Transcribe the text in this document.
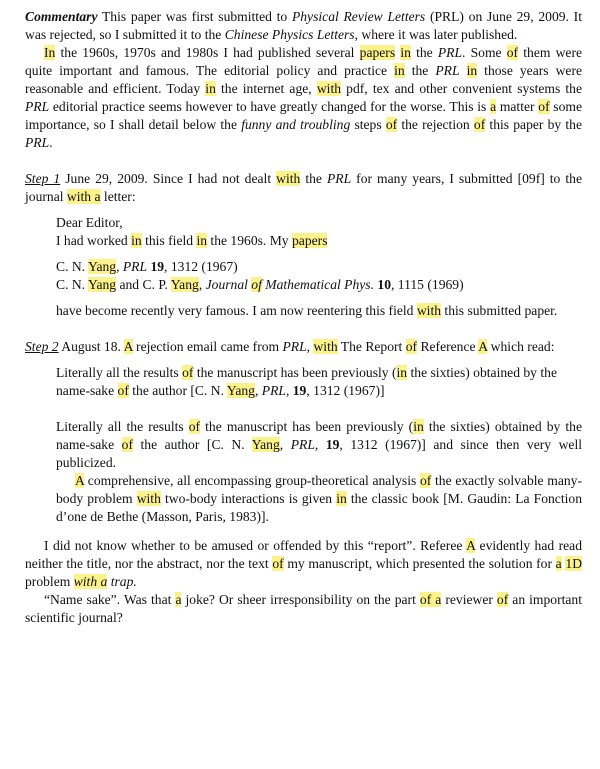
Commentary This paper was first submitted to Physical Review Letters (PRL) on June 29, 2009. It was rejected, so I submitted it to the Chinese Physics Letters, where it was later published.

In the 1960s, 1970s and 1980s I had published several papers in the PRL. Some of them were quite important and famous. The editorial policy and practice in the PRL in those years were reasonable and efficient. Today in the internet age, with pdf, tex and other convenient systems the PRL editorial practice seems however to have greatly changed for the worse. This is a matter of some importance, so I shall detail below the funny and troubling steps of the rejection of this paper by the PRL.

Step 1 June 29, 2009. Since I had not dealt with the PRL for many years, I submitted [09f] to the journal with a letter:

Dear Editor,

I had worked in this field in the 1960s. My papers

C. N. Yang, PRL 19, 1312 (1967)

C. N. Yang and C. P. Yang, Journal of Mathematical Phys. 10, 1115 (1969)

have become recently very famous. I am now reentering this field with this submitted paper.

Step 2 August 18. A rejection email came from PRL, with The Report of Reference A which read:

Literally all the results of the manuscript has been previously (in the sixties) obtained by the name-sake of the author [C. N. Yang, PRL, 19, 1312 (1967)]

Literally all the results of the manuscript has been previously (in the sixties) obtained by the name-sake of the author [C. N. Yang, PRL, 19, 1312 (1967)] and since then very well publicized.

A comprehensive, all encompassing group-theoretical analysis of the exactly solvable many-body problem with two-body interactions is given in the classic book [M. Gaudin: La Fonction d’one de Bethe (Masson, Paris, 1983)].

I did not know whether to be amused or offended by this “report”. Referee A evidently had read neither the title, nor the abstract, nor the text of my manuscript, which presented the solution for a 1D problem with a trap.

“Name sake”. Was that a joke? Or sheer irresponsibility on the part of a reviewer of an important scientific journal?
